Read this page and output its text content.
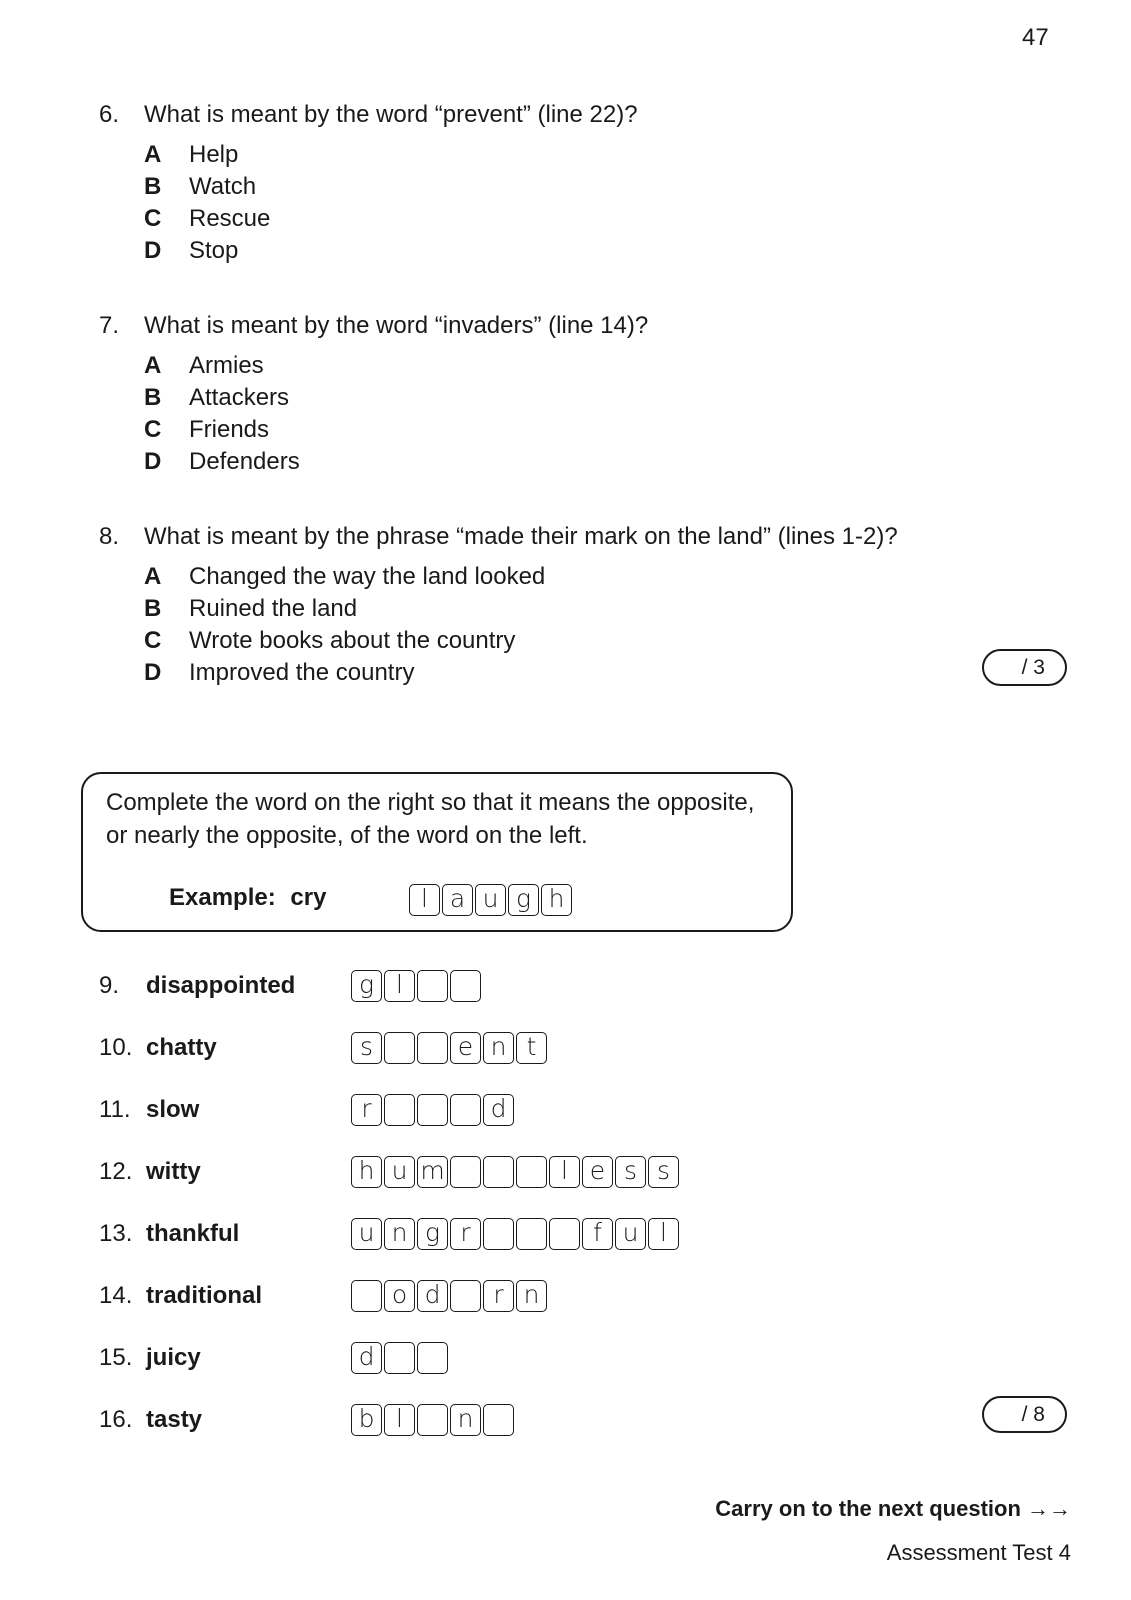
47
6.	What is meant by the word “prevent” (line 22)?
A	Help
B	Watch
C	Rescue
D	Stop
7.	What is meant by the word “invaders” (line 14)?
A	Armies
B	Attackers
C	Friends
D	Defenders
8.	What is meant by the phrase “made their mark on the land” (lines 1-2)?
A	Changed the way the land looked
B	Ruined the land
C	Wrote books about the country
D	Improved the country	/ 3
/ 8
Complete the word on the right so that it means the opposite, or nearly the opposite, of the word on the left.
Example: cry	l a u g h
9. disappointed	g l
10. chatty	s	e n t
11. slow	r	d
12. witty	h u m	l e s s
13. thankful	u n g r	f u l
14. traditional	o d	r n
15. juicy	d
16. tasty	b l	n
Carry on to the next question →→
Assessment Test 4
